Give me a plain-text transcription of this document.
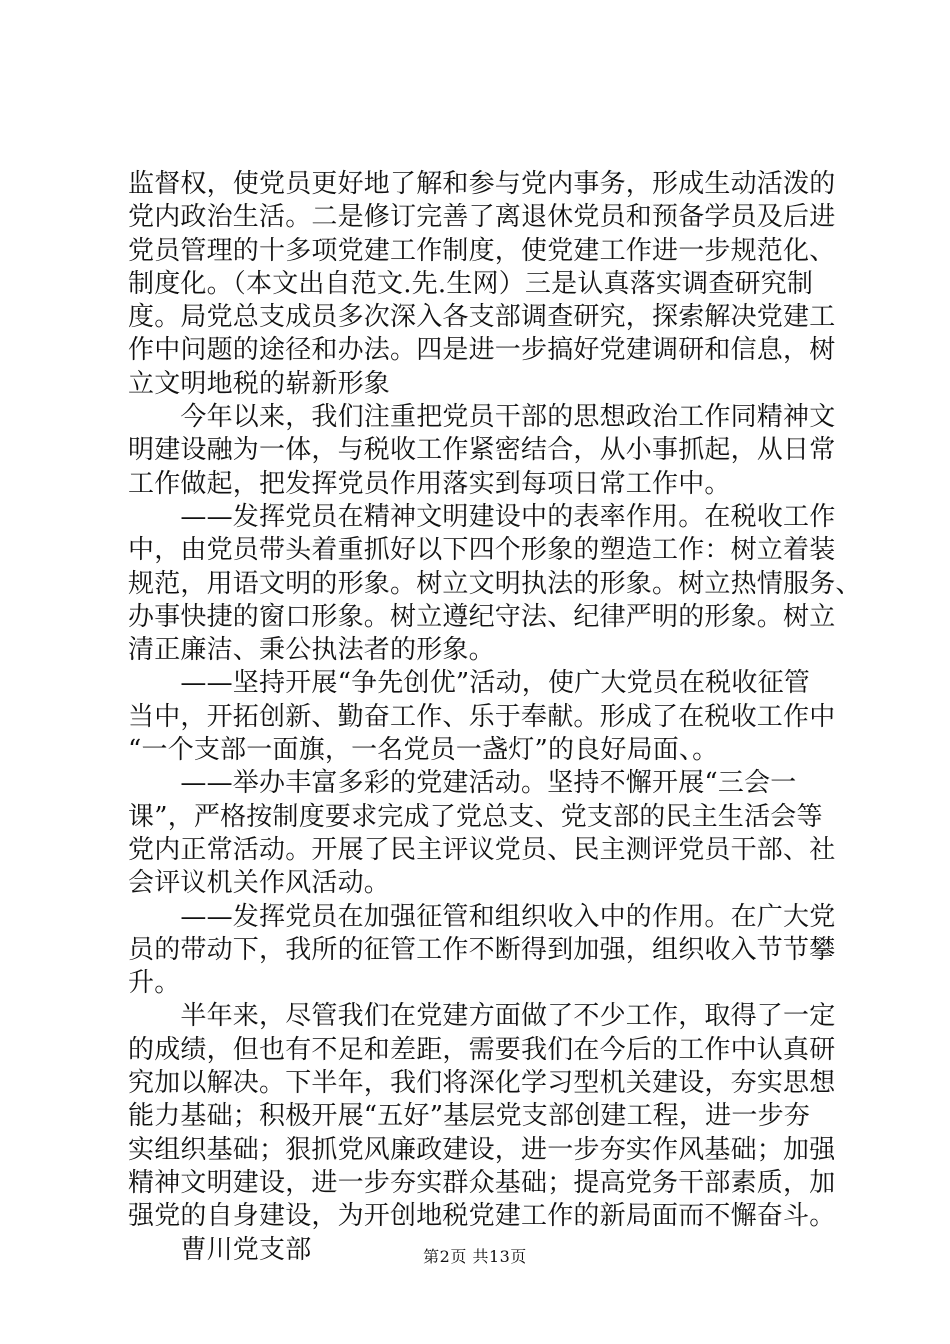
监督权，使党员更好地了解和参与党内事务，形成生动活泼的
党内政治生活。二是修订完善了离退休党员和预备学员及后进
党员管理的十多项党建工作制度，使党建工作进一步规范化、
制度化。（本文出自范文.先.生网）三是认真落实调查研究制
度。局党总支成员多次深入各支部调查研究，探索解决党建工
作中问题的途径和办法。四是进一步搞好党建调研和信息，树
立文明地税的崭新形象
　　今年以来，我们注重把党员干部的思想政治工作同精神文
明建设融为一体，与税收工作紧密结合，从小事抓起，从日常
工作做起，把发挥党员作用落实到每项日常工作中。
　　——发挥党员在精神文明建设中的表率作用。在税收工作
中，由党员带头着重抓好以下四个形象的塑造工作：树立着装
规范，用语文明的形象。树立文明执法的形象。树立热情服务、
办事快捷的窗口形象。树立遵纪守法、纪律严明的形象。树立
清正廉洁、秉公执法者的形象。
　　——坚持开展“争先创优”活动，使广大党员在税收征管
当中，开拓创新、勤奋工作、乐于奉献。形成了在税收工作中
“一个支部一面旗，一名党员一盏灯”的良好局面、。
　　——举办丰富多彩的党建活动。坚持不懈开展“三会一
课”，严格按制度要求完成了党总支、党支部的民主生活会等
党内正常活动。开展了民主评议党员、民主测评党员干部、社
会评议机关作风活动。
　　——发挥党员在加强征管和组织收入中的作用。在广大党
员的带动下，我所的征管工作不断得到加强，组织收入节节攀
升。
　　半年来，尽管我们在党建方面做了不少工作，取得了一定
的成绩，但也有不足和差距，需要我们在今后的工作中认真研
究加以解决。下半年，我们将深化学习型机关建设，夯实思想
能力基础；积极开展“五好”基层党支部创建工程，进一步夯
实组织基础；狠抓党风廉政建设，进一步夯实作风基础；加强
精神文明建设，进一步夯实群众基础；提高党务干部素质，加
强党的自身建设，为开创地税党建工作的新局面而不懈奋斗。
　　曹川党支部	第2页 共13页
